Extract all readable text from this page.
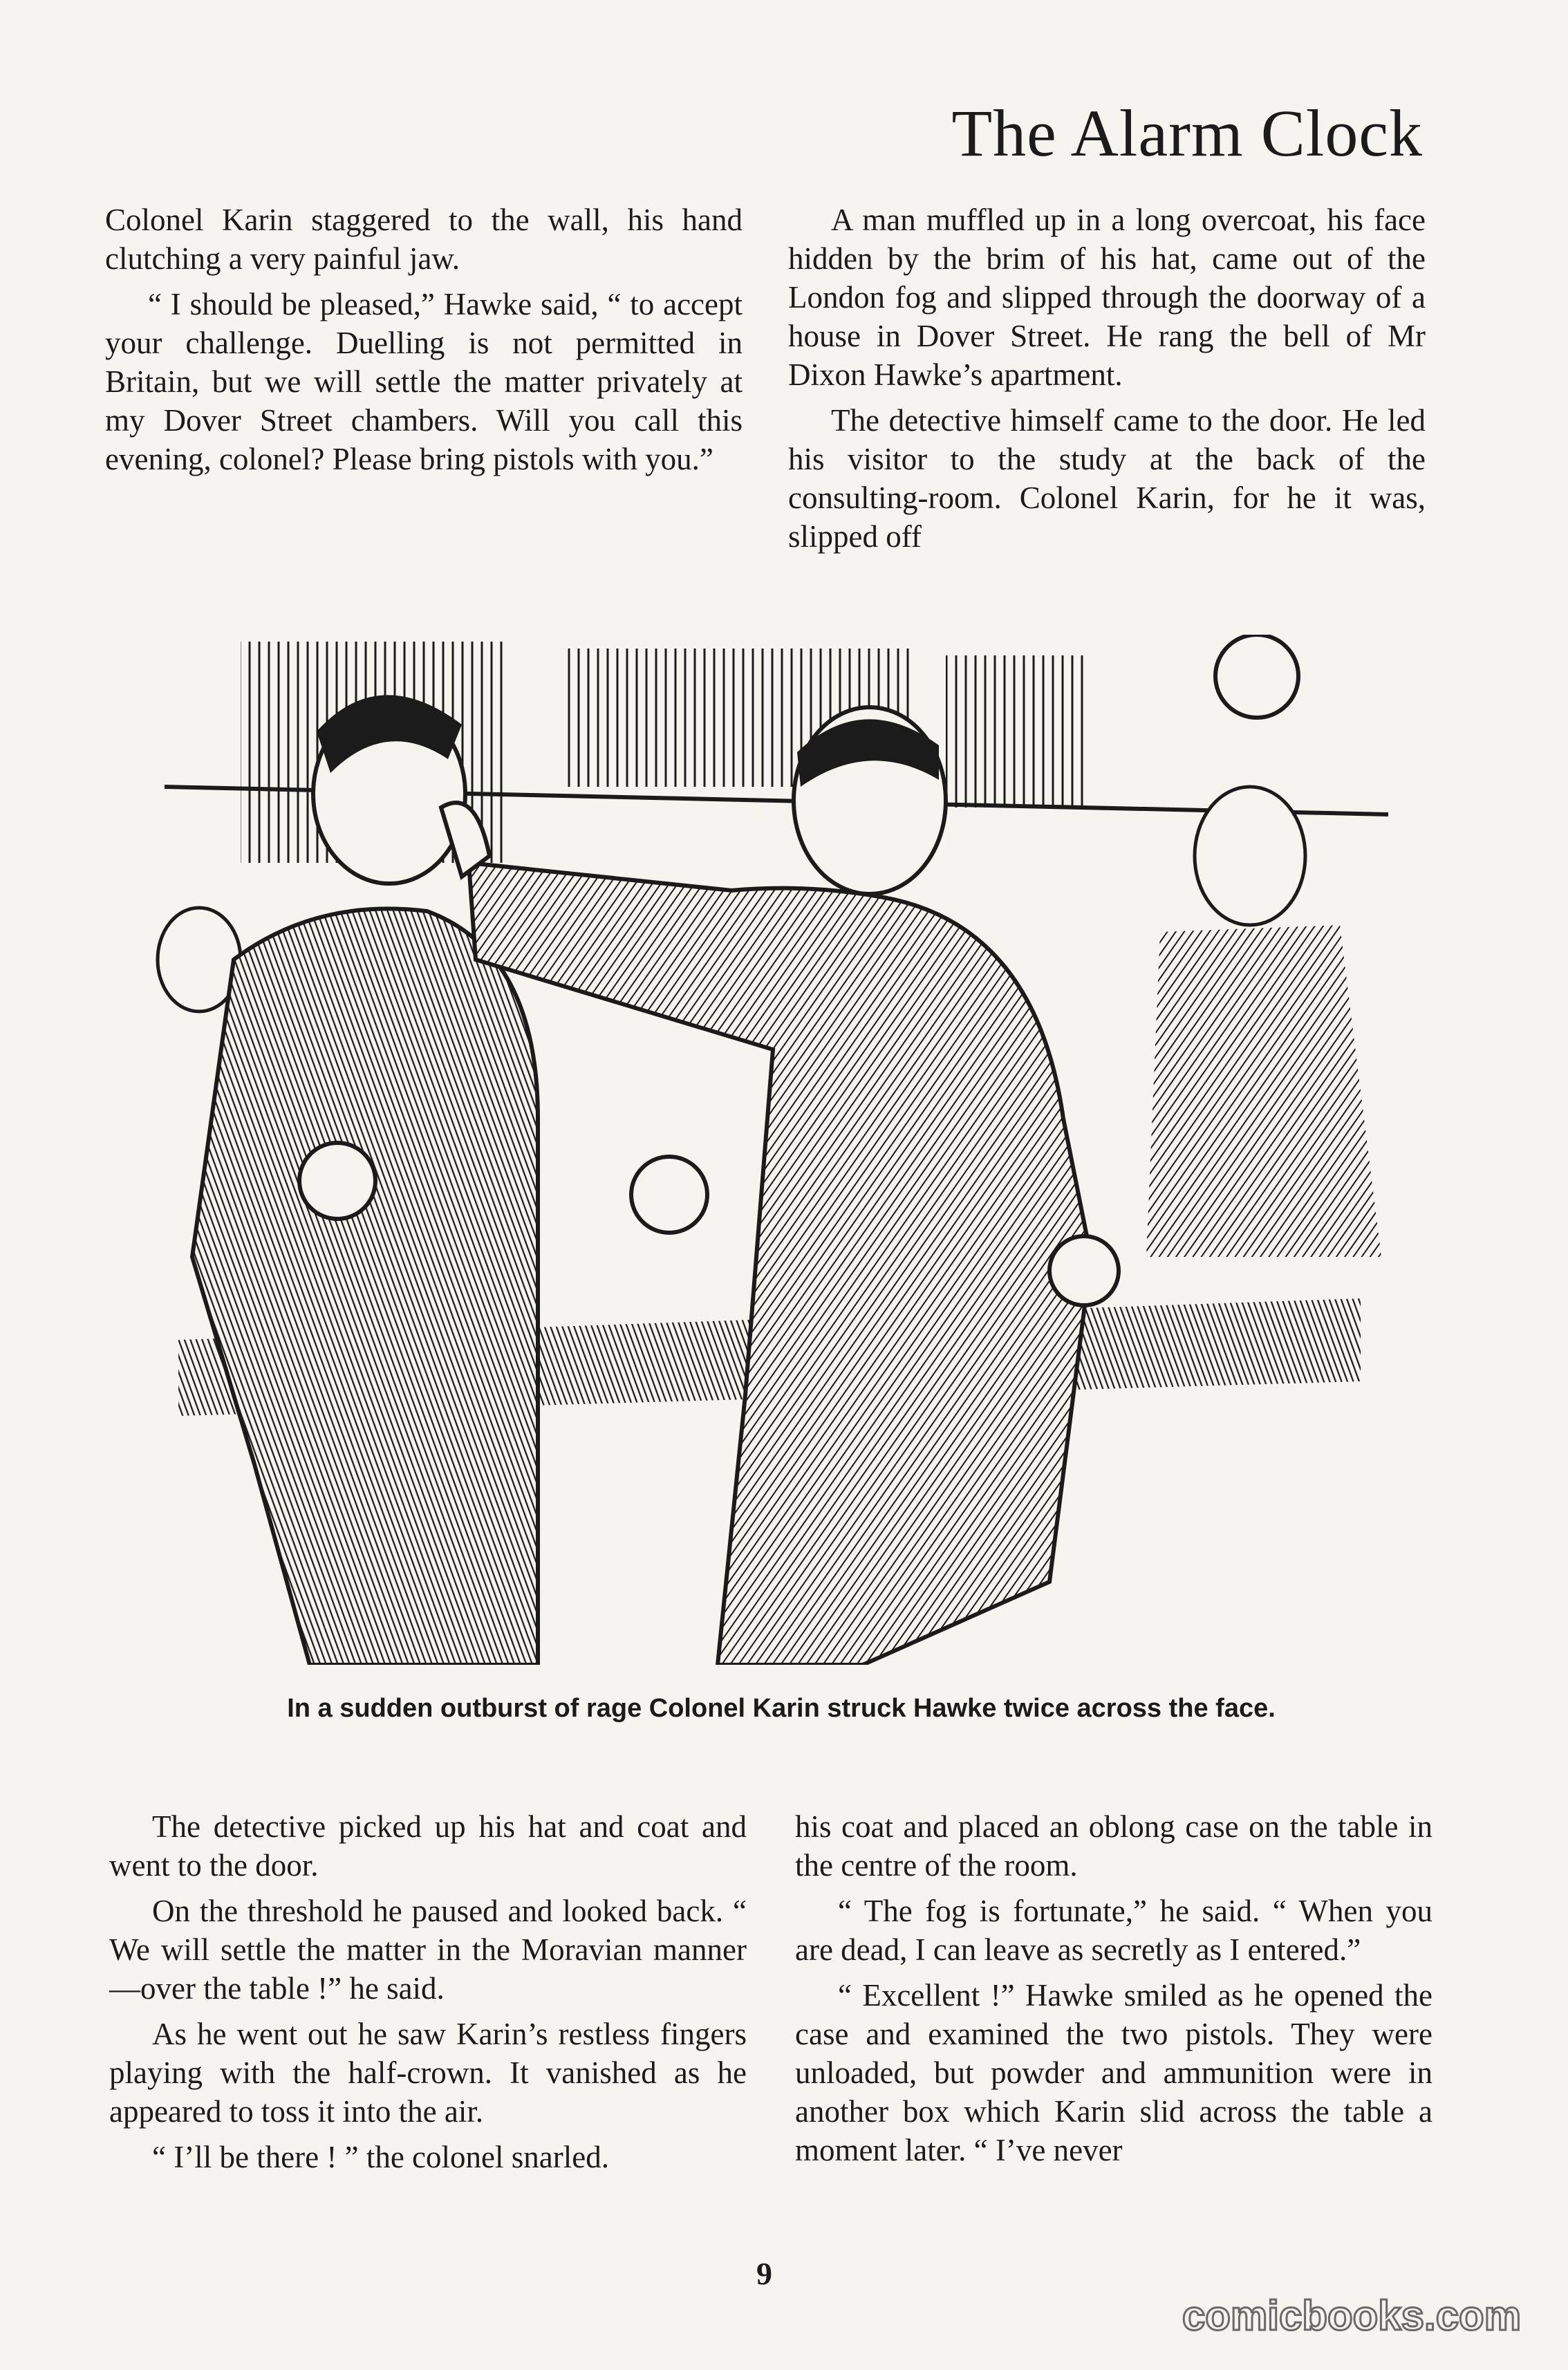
The Alarm Clock

Colonel Karin staggered to the wall, his hand clutching a very painful jaw.

“ I should be pleased,” Hawke said, “ to accept your challenge. Duelling is not permitted in Britain, but we will settle the matter privately at my Dover Street chambers. Will you call this evening, colonel? Please bring pistols with you.”

A man muffled up in a long overcoat, his face hidden by the brim of his hat, came out of the London fog and slipped through the doorway of a house in Dover Street. He rang the bell of Mr Dixon Hawke’s apartment.

The detective himself came to the door. He led his visitor to the study at the back of the consulting-room. Colonel Karin, for he it was, slipped off

In a sudden outburst of rage Colonel Karin struck Hawke twice across the face.

The detective picked up his hat and coat and went to the door.

On the threshold he paused and looked back. “ We will settle the matter in the Moravian manner—over the table !” he said.

As he went out he saw Karin’s restless fingers playing with the half-crown. It vanished as he appeared to toss it into the air.

“ I’ll be there ! ” the colonel snarled.

his coat and placed an oblong case on the table in the centre of the room.

“ The fog is fortunate,” he said. “ When you are dead, I can leave as secretly as I entered.”

“ Excellent !” Hawke smiled as he opened the case and examined the two pistols. They were unloaded, but powder and ammunition were in another box which Karin slid across the table a moment later. “ I’ve never

9
comicbooks.com
